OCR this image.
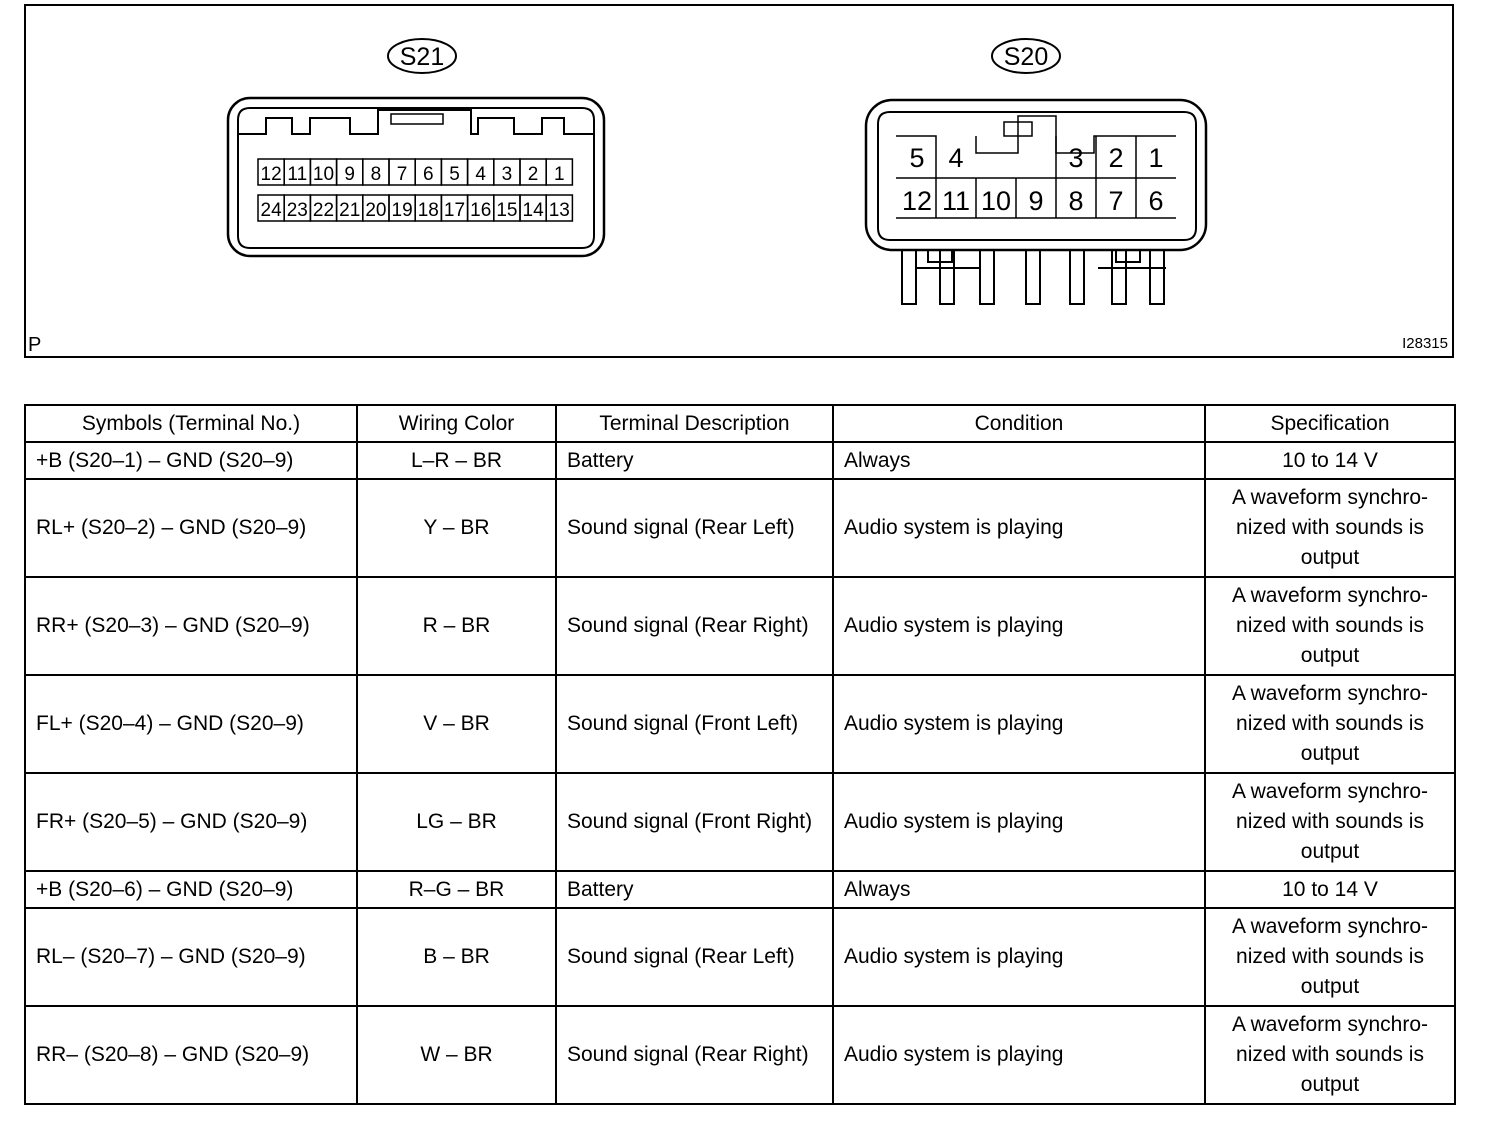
S21
12 11 10 9 8 7 6 5 4 3 2 1
24 23 22 21 20 19 18 17 16 15 14 13
S20
5 4	3 2 1
12 11 10 9 8 7 6
P	I28315
Symbols (Terminal No.)	Wiring Color	Terminal Description	Condition	Specification
+B (S20–1) – GND (S20–9)	L–R – BR	Battery	Always	10 to 14 V

RL+ (S20–2) – GND (S20–9)	Y – BR	Sound signal (Rear Left)	Audio system is playing	A waveform synchro-
nized with sounds is
output

RR+ (S20–3) – GND (S20–9)	R – BR	Sound signal (Rear Right)	Audio system is playing	A waveform synchro-
nized with sounds is
output

FL+ (S20–4) – GND (S20–9)	V – BR	Sound signal (Front Left)	Audio system is playing	A waveform synchro-
nized with sounds is
output

FR+ (S20–5) – GND (S20–9)	LG – BR	Sound signal (Front Right)	Audio system is playing	A waveform synchro-
nized with sounds is
output

+B (S20–6) – GND (S20–9)	R–G – BR	Battery	Always	10 to 14 V

RL– (S20–7) – GND (S20–9)	B – BR	Sound signal (Rear Left)	Audio system is playing	A waveform synchro-
nized with sounds is
output

RR– (S20–8) – GND (S20–9)	W – BR	Sound signal (Rear Right)	Audio system is playing	A waveform synchro-
nized with sounds is
output
